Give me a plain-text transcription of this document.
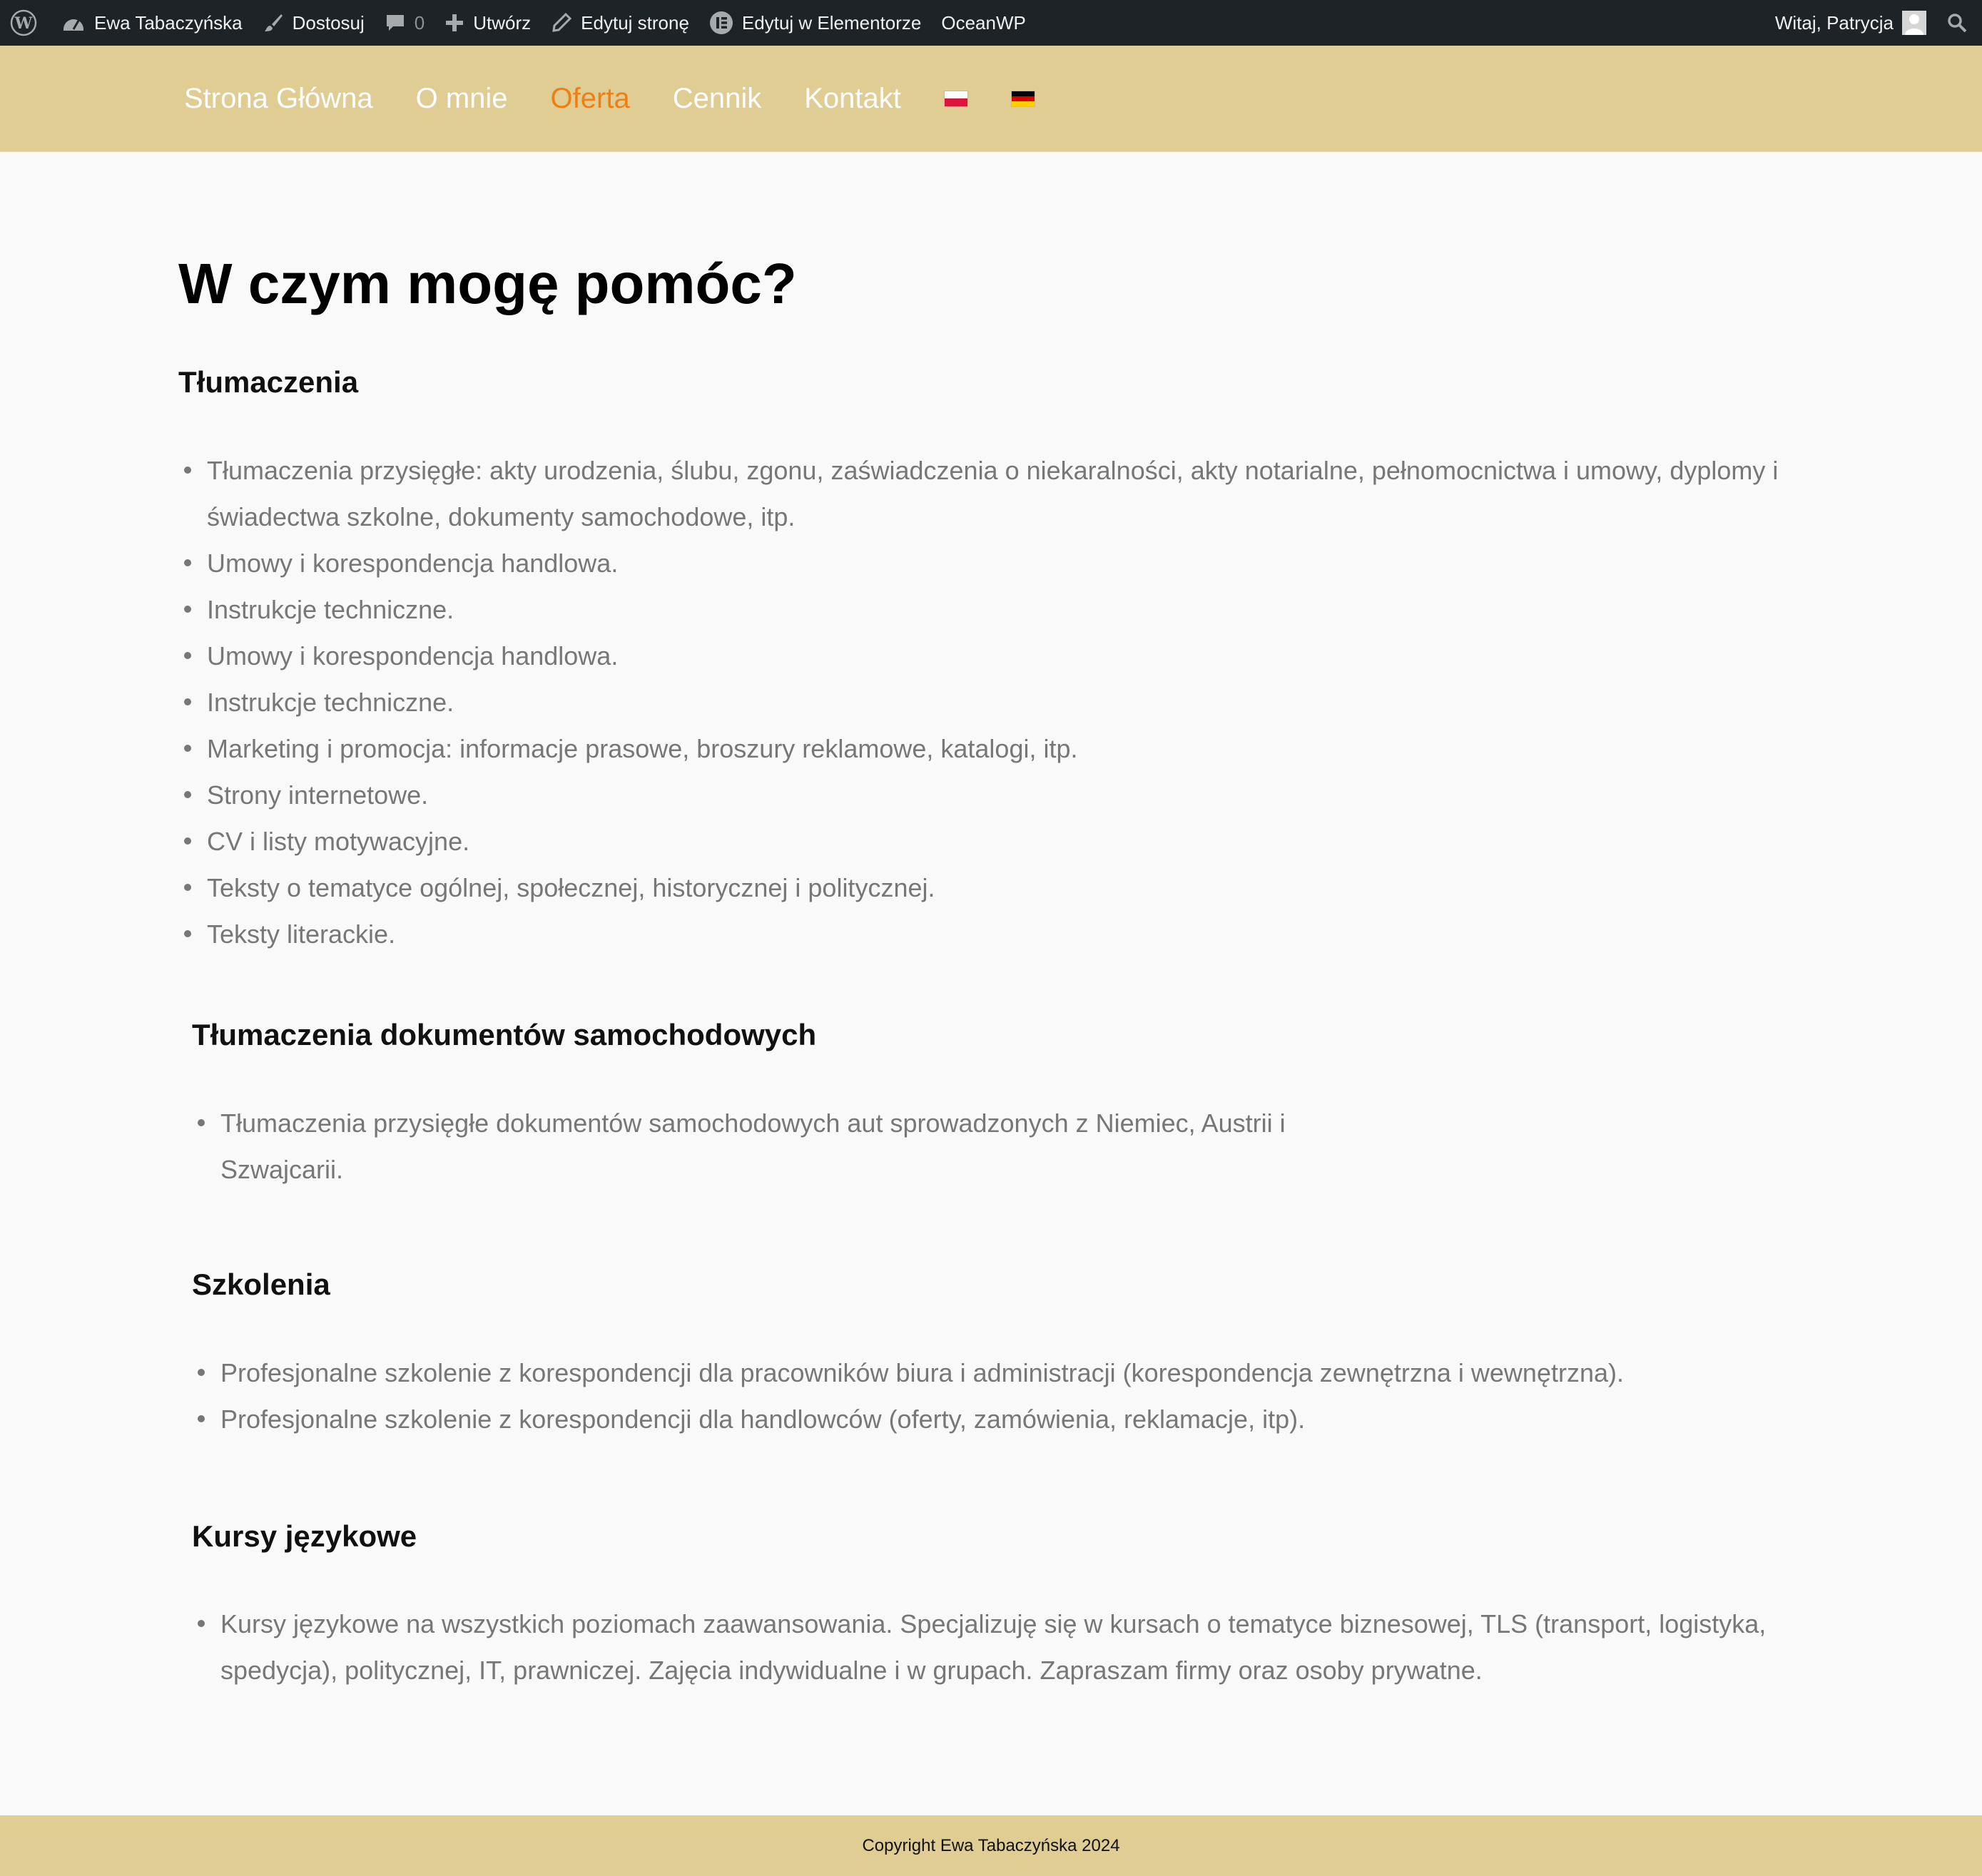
W	Ewa Tabaczyńska	Dostosuj	0	Utwórz	Edytuj stronę	Edytuj w Elementorze OceanWP	Witaj, Patrycja
Strona Główna O mnie Oferta Cennik Kontakt
W czym mogę pomóc?
Tłumaczenia
Tłumaczenia przysięgłe: akty urodzenia, ślubu, zgonu, zaświadczenia o niekaralności, akty notarialne, pełnomocnictwa i umowy, dyplomy i świadectwa szkolne, dokumenty samochodowe, itp.
Umowy i korespondencja handlowa.
Instrukcje techniczne.
Umowy i korespondencja handlowa.
Instrukcje techniczne.
Marketing i promocja: informacje prasowe, broszury reklamowe, katalogi, itp.
Strony internetowe.
CV i listy motywacyjne.
Teksty o tematyce ogólnej, społecznej, historycznej i politycznej.
Teksty literackie.
Tłumaczenia dokumentów samochodowych
Tłumaczenia przysięgłe dokumentów samochodowych aut sprowadzonych z Niemiec, Austrii i Szwajcarii.
Szkolenia
Profesjonalne szkolenie z korespondencji dla pracowników biura i administracji (korespondencja zewnętrzna i wewnętrzna).
Profesjonalne szkolenie z korespondencji dla handlowców (oferty, zamówienia, reklamacje, itp).
Kursy językowe
Kursy językowe na wszystkich poziomach zaawansowania. Specjalizuję się w kursach o tematyce biznesowej, TLS (transport, logistyka, spedycja), politycznej, IT, prawniczej. Zajęcia indywidualne i w grupach. Zapraszam firmy oraz osoby prywatne.
Copyright Ewa Tabaczyńska 2024
